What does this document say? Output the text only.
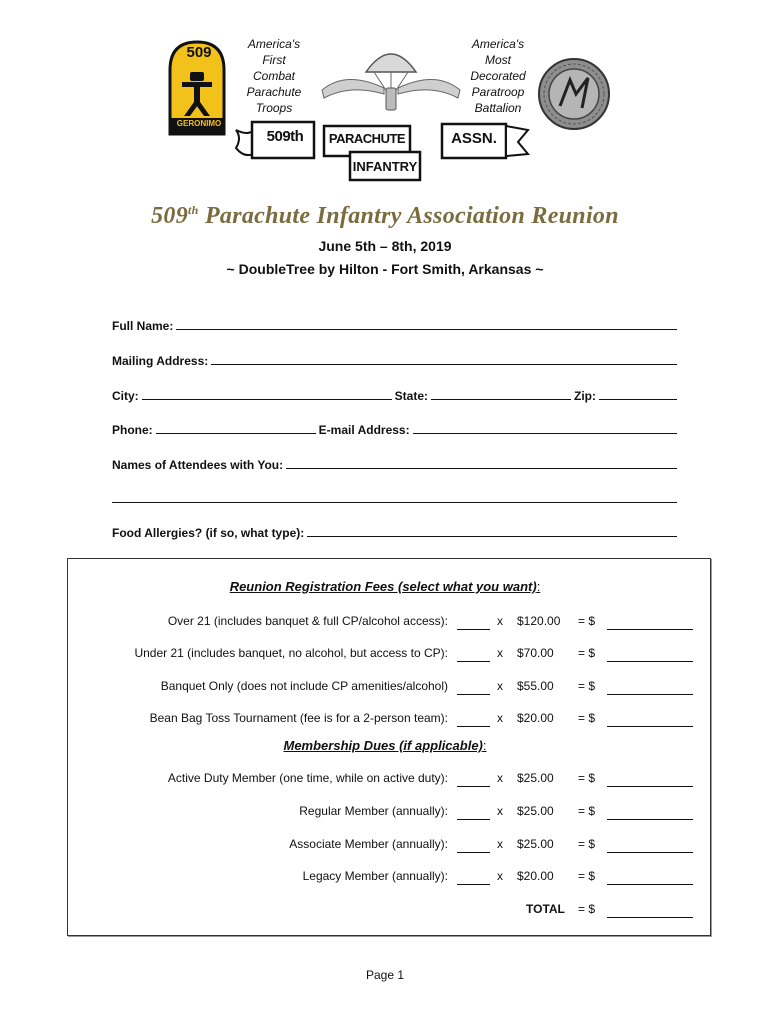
509
GERONIMO
America's
First
Combat
Parachute
Troops
America's
Most
Decorated
Paratroop
Battalion
509th	PARACHUTE	ASSN.
INFANTRY
509th Parachute Infantry Association Reunion
June 5th – 8th, 2019
~ DoubleTree by Hilton - Fort Smith, Arkansas ~
Full Name:
Mailing Address:
City:	State:	Zip:
Phone:	E-mail Address:
Names of Attendees with You:
Food Allergies? (if so, what type):
Reunion Registration Fees (select what you want):
Over 21 (includes banquet & full CP/alcohol access):	x $120.00 = $
Under 21 (includes banquet, no alcohol, but access to CP):	x $70.00 = $
Banquet Only (does not include CP amenities/alcohol)	x $55.00 = $
Bean Bag Toss Tournament (fee is for a 2-person team):	x $20.00 = $
Membership Dues (if applicable):
Active Duty Member (one time, while on active duty):	x $25.00 = $
Regular Member (annually):	x $25.00 = $
Associate Member (annually):	x $25.00 = $
Legacy Member (annually):	x $20.00 = $
TOTAL = $
Page 1
